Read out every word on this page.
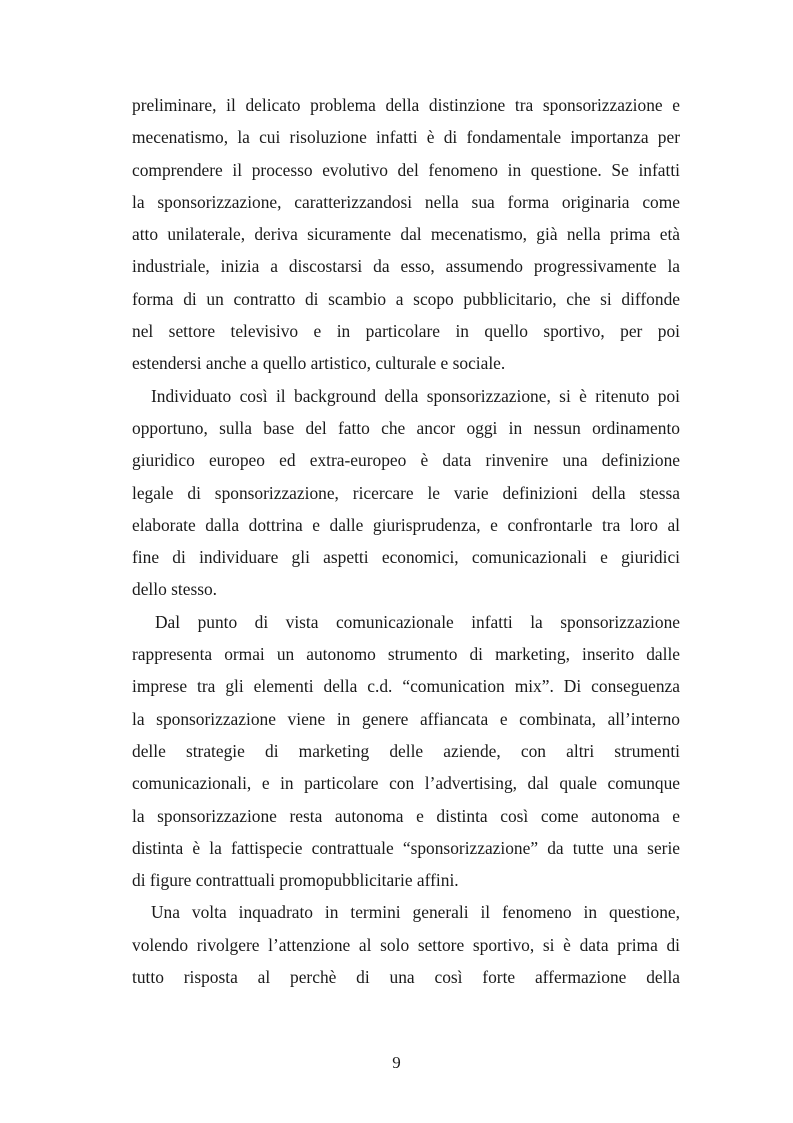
preliminare, il delicato problema della distinzione tra sponsorizzazione e
mecenatismo, la cui risoluzione infatti è di fondamentale importanza per
comprendere il processo evolutivo del fenomeno in questione. Se infatti
la sponsorizzazione, caratterizzandosi nella sua forma originaria come
atto unilaterale, deriva sicuramente dal mecenatismo, già nella prima età
industriale, inizia a discostarsi da esso, assumendo progressivamente la
forma di un contratto di scambio a scopo pubblicitario, che si diffonde
nel settore televisivo e in particolare in quello sportivo, per poi
estendersi anche a quello artistico, culturale e sociale.
Individuato così il background della sponsorizzazione, si è ritenuto poi
opportuno, sulla base del fatto che ancor oggi in nessun ordinamento
giuridico europeo ed extra-europeo è data rinvenire una definizione
legale di sponsorizzazione, ricercare le varie definizioni della stessa
elaborate dalla dottrina e dalle giurisprudenza, e confrontarle tra loro al
fine di individuare gli aspetti economici, comunicazionali e giuridici
dello stesso.
Dal punto di vista comunicazionale infatti la sponsorizzazione
rappresenta ormai un autonomo strumento di marketing, inserito dalle
imprese tra gli elementi della c.d. “comunication mix”. Di conseguenza
la sponsorizzazione viene in genere affiancata e combinata, all’interno
delle strategie di marketing delle aziende, con altri strumenti
comunicazionali, e in particolare con l’advertising, dal quale comunque
la sponsorizzazione resta autonoma e distinta così come autonoma e
distinta è la fattispecie contrattuale “sponsorizzazione” da tutte una serie
di figure contrattuali promopubblicitarie affini.
Una volta inquadrato in termini generali il fenomeno in questione,
volendo rivolgere l’attenzione al solo settore sportivo, si è data prima di
tutto risposta al perchè di una così forte affermazione della
9
